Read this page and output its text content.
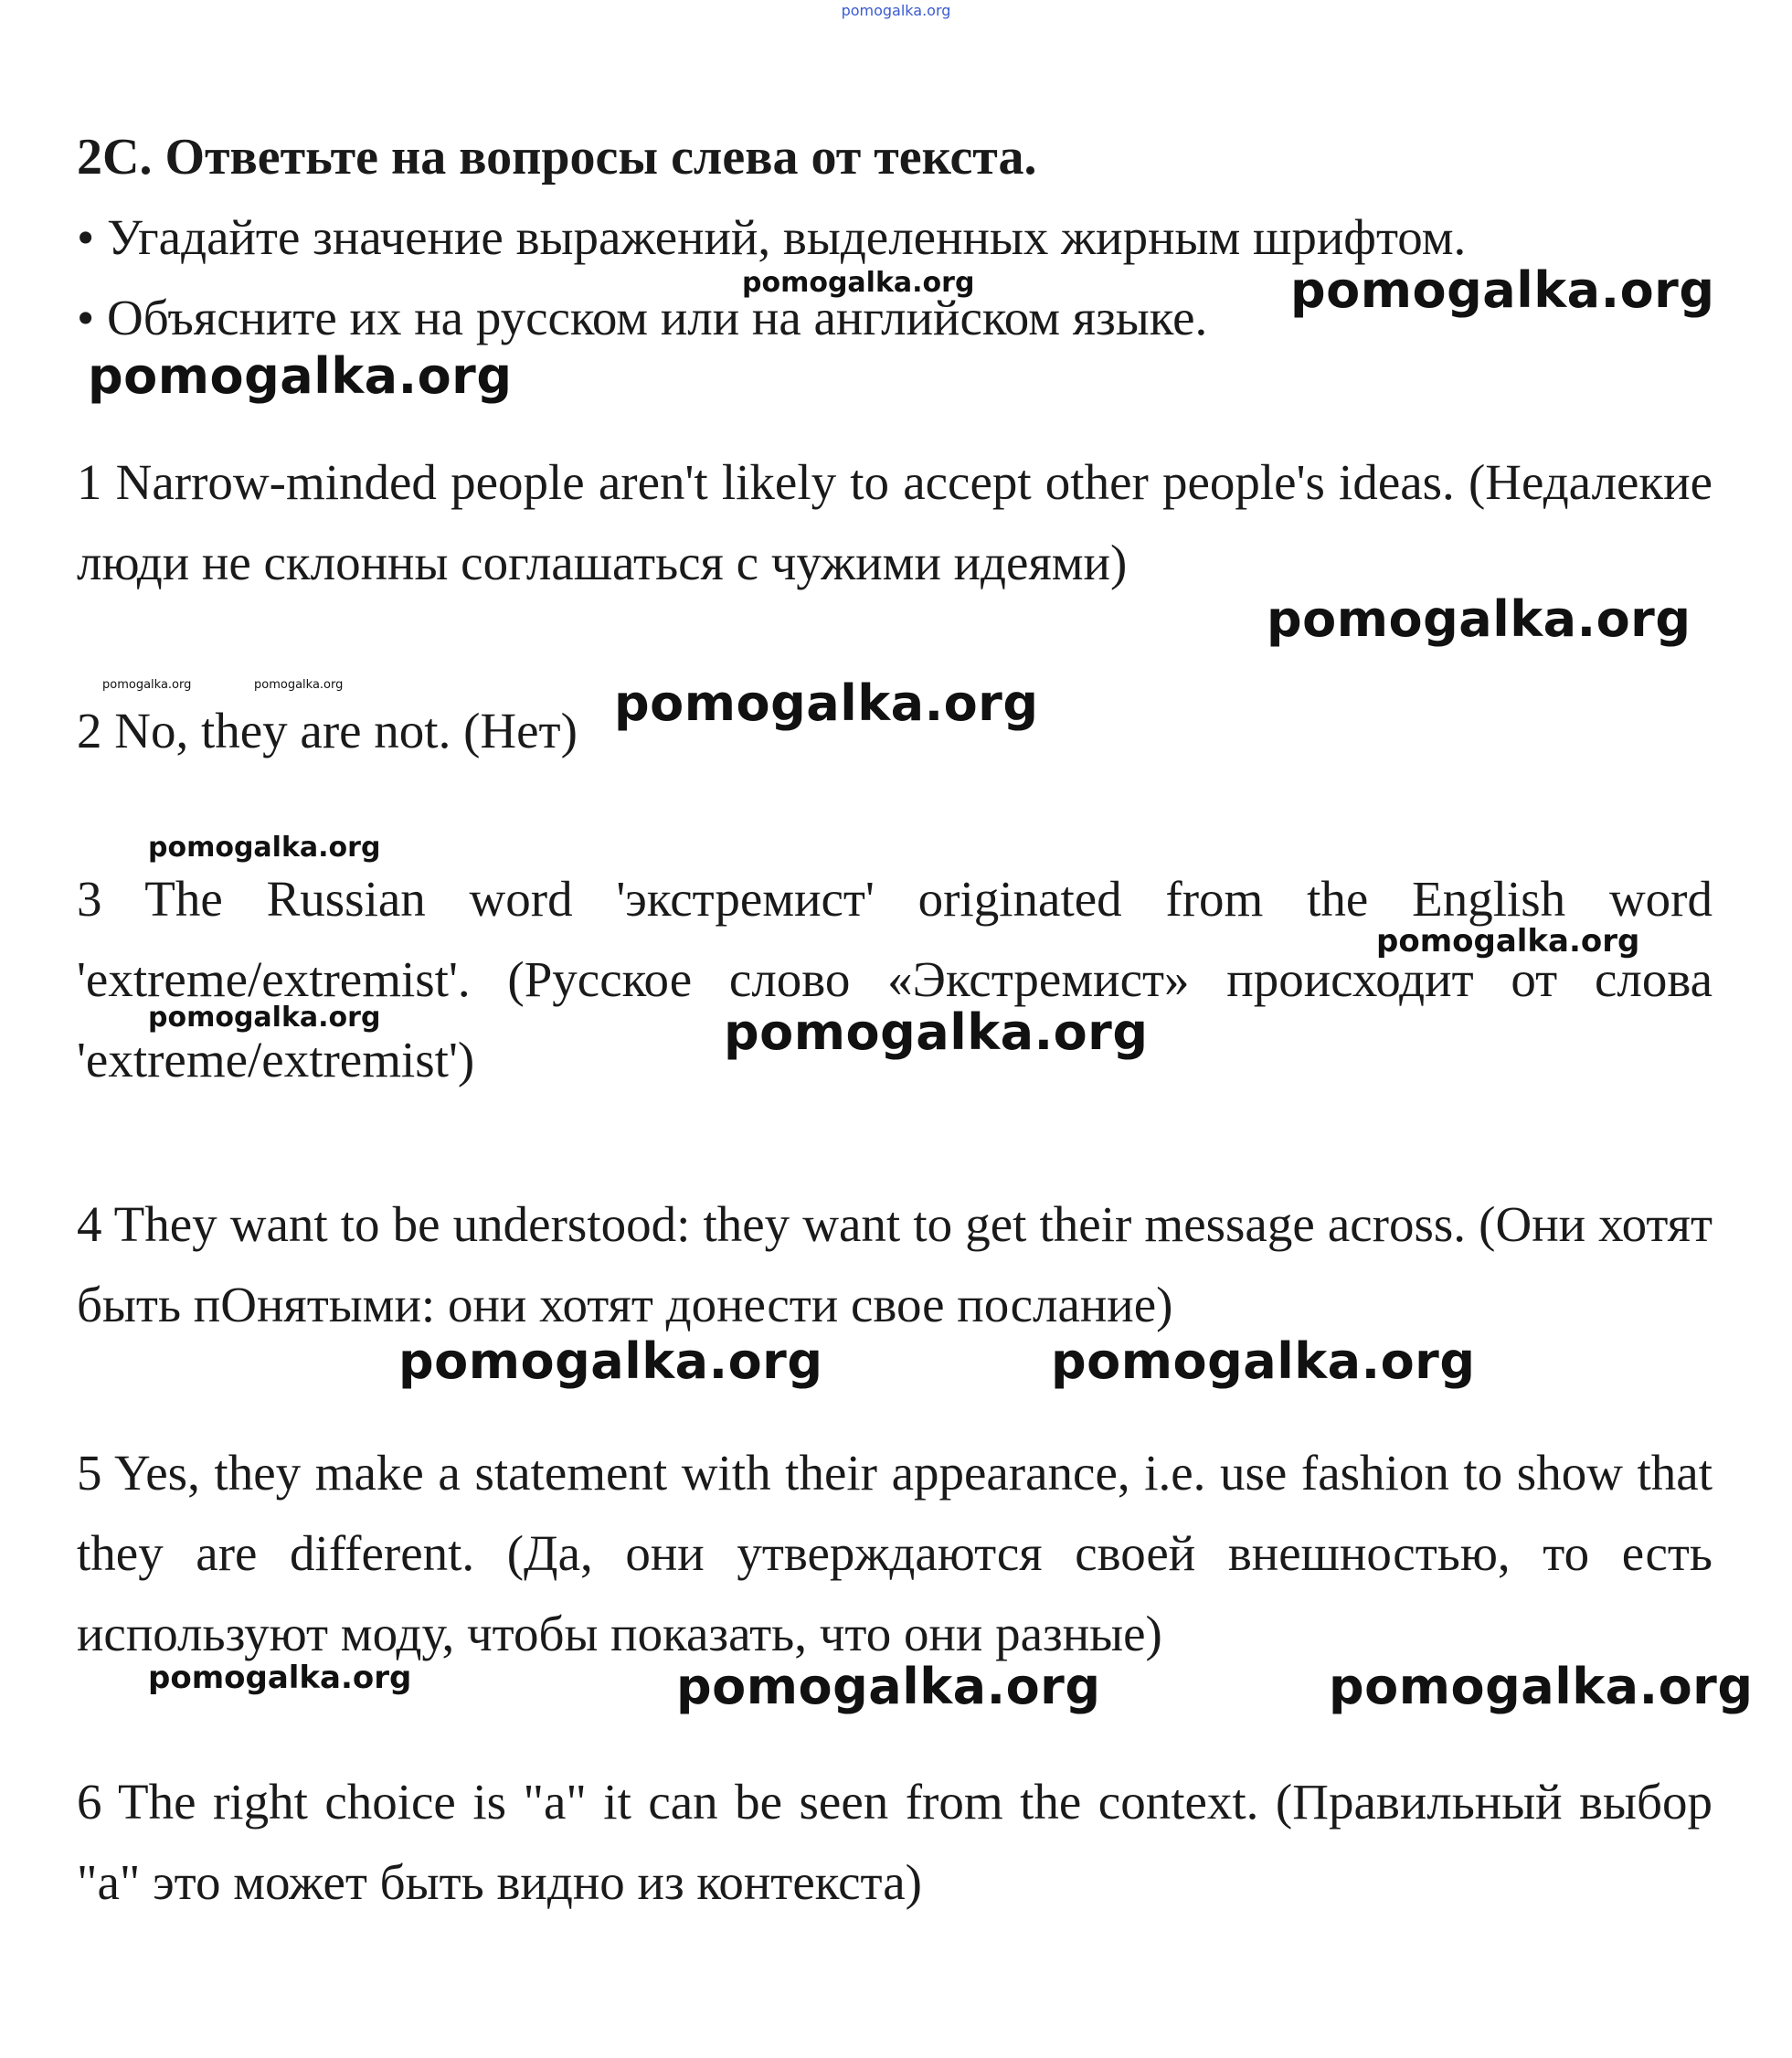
pomogalka.org

2C. Ответьте на вопросы слева от текста.

• Угадайте значение выражений, выделенных жирным шрифтом.

• Объясните их на русском или на английском языке.

1 Narrow-minded people aren't likely to accept other people's ideas. (Недалекие люди не склонны соглашаться с чужими идеями)

2 No, they are not. (Нет)

3 The Russian word 'экстремист' originated from the English word 'extreme/extremist'. (Русское слово «Экстремист» происходит от слова 'extreme/extremist')

4 They want to be understood: they want to get their message across. (Они хотят быть пОнятыми: они хотят донести свое послание)

5 Yes, they make a statement with their appearance, i.e. use fashion to show that they are different. (Да, они утверждаются своей внешностью, то есть используют моду, чтобы показать, что они разные)

6 The right choice is "a" it can be seen from the context. (Правильный выбор "а" это может быть видно из контекста)

pomogalka.org	pomogalka.org

pomogalka.org

pomogalka.org

pomogalka.org	pomogalka.org	pomogalka.org

pomogalka.org

pomogalka.org

pomogalka.org	pomogalka.org

pomogalka.org	pomogalka.org

pomogalka.org	pomogalka.org	pomogalka.org
